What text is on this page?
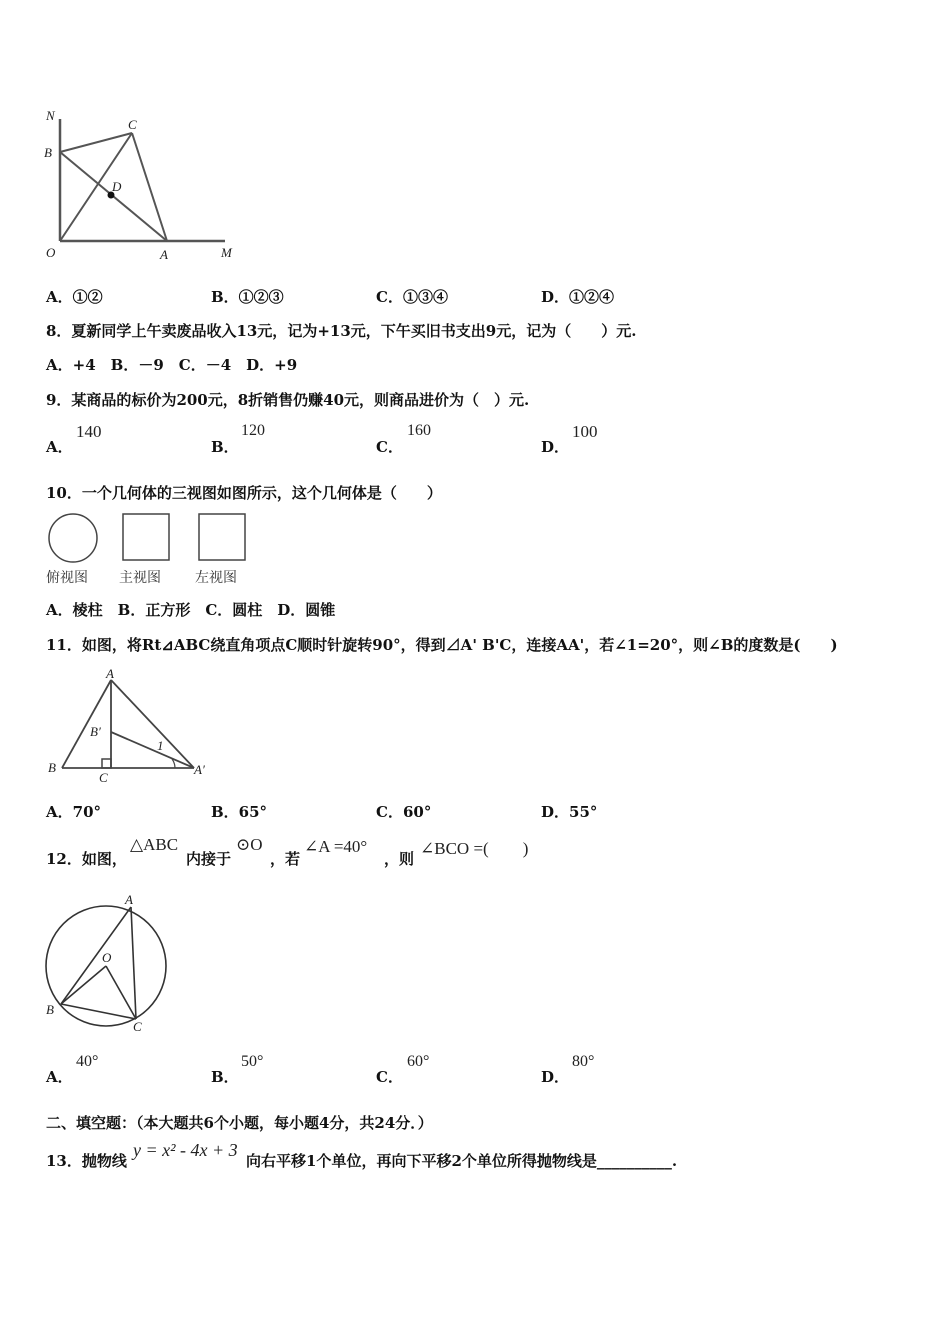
N
B
C
D
O	A	M
A．①②	B．①②③	C．①③④	D．①②④
8．夏新同学上午卖废品收入13元，记为+13元，下午买旧书支出9元，记为（　　）元.
A．+4　B．－9　C．－4　D．+9
9．某商品的标价为200元，8折销售仍赚40元，则商品进价为（　）元.
A．
140
B．
120
C．
160
D．
100
10．一个几何体的三视图如图所示，这个几何体是（　　）
俯视图 主视图 左视图
A．棱柱　B．正方形　C．圆柱　D．圆锥
11．如图，将Rt⊿ABC绕直角项点C顺时针旋转90°，得到⊿A' B'C，连接AA'，若∠1=20°，则∠B的度数是(　　)
A
B′
1
B
C
A′
A．70°	B．65°	C．60°	D．55°
12．如图，
△ABC
内接于
⊙O
，若
∠A =40°
，则
∠BCO =(　　)
A
O
B
C
A．
40°
B．
50°
C．
60°
D．
80°
二、填空题：（本大题共6个小题，每小题4分，共24分．）
13．抛物线
y = x² - 4x + 3
向右平移1个单位，再向下平移2个单位所得抛物线是__________.
